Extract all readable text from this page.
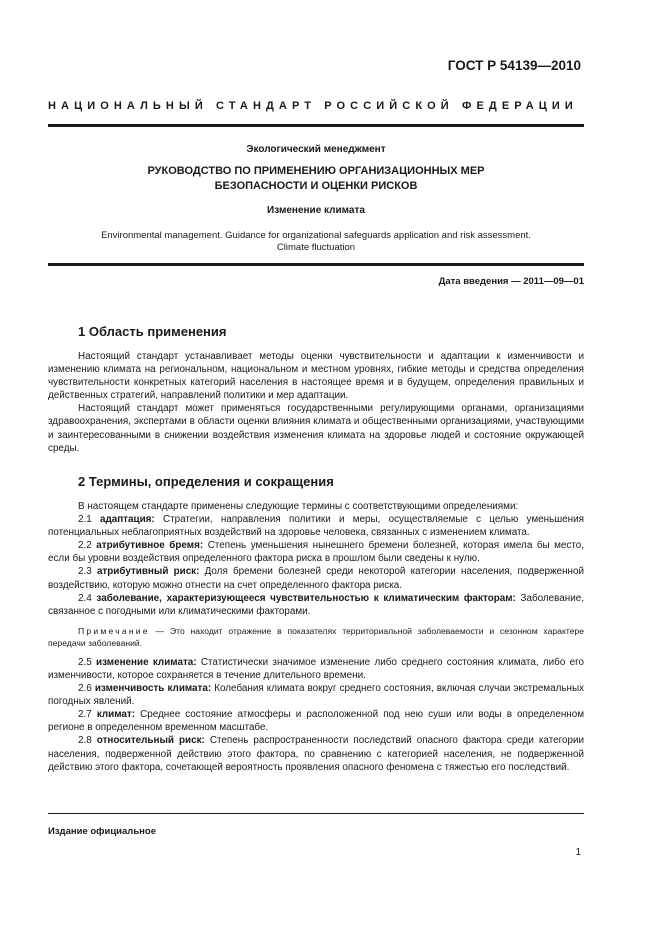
ГОСТ Р 54139—2010
НАЦИОНАЛЬНЫЙ СТАНДАРТ РОССИЙСКОЙ ФЕДЕРАЦИИ
Экологический менеджмент
РУКОВОДСТВО ПО ПРИМЕНЕНИЮ ОРГАНИЗАЦИОННЫХ МЕР
БЕЗОПАСНОСТИ И ОЦЕНКИ РИСКОВ
Изменение климата
Environmental management. Guidance for organizational safeguards application and risk assessment.
Climate fluctuation
Дата введения — 2011—09—01
1 Область применения

Настоящий стандарт устанавливает методы оценки чувствительности и адаптации к изменчивости и изменению климата на региональном, национальном и местном уровнях, гибкие методы и средства определения чувствительности конкретных категорий населения в настоящее время и в будущем, определения правильных и действенных стратегий, направлений политики и мер адаптации.

Настоящий стандарт может применяться государственными регулирующими органами, организациями здравоохранения, экспертами в области оценки влияния климата и общественными организациями, участвующими и заинтересованными в снижении воздействия изменения климата на здоровье людей и состояние окружающей среды.

2 Термины, определения и сокращения

В настоящем стандарте применены следующие термины с соответствующими определениями:

2.1 адаптация: Стратегии, направления политики и меры, осуществляемые с целью уменьшения потенциальных неблагоприятных воздействий на здоровье человека, связанных с изменением климата.

2.2 атрибутивное бремя: Степень уменьшения нынешнего бремени болезней, которая имела бы место, если бы уровни воздействия определенного фактора риска в прошлом были сведены к нулю.

2.3 атрибутивный риск: Доля бремени болезней среди некоторой категории населения, подверженной воздействию, которую можно отнести на счет определенного фактора риска.

2.4 заболевание, характеризующееся чувствительностью к климатическим факторам: Заболевание, связанное с погодными или климатическими факторами.

Примечание — Это находит отражение в показателях территориальной заболеваемости и сезонном характере передачи заболеваний.

2.5 изменение климата: Статистически значимое изменение либо среднего состояния климата, либо его изменчивости, которое сохраняется в течение длительного времени.

2.6 изменчивость климата: Колебания климата вокруг среднего состояния, включая случаи экстремальных погодных явлений.

2.7 климат: Среднее состояние атмосферы и расположенной под нею суши или воды в определенном регионе в определенном временном масштабе.

2.8 относительный риск: Степень распространенности последствий опасного фактора среди категории населения, подверженной действию этого фактора, по сравнению с категорией населения, не подверженной действию этого фактора, сочетающей вероятность проявления опасного феномена с тяжестью его последствий.

Издание официальное
1
